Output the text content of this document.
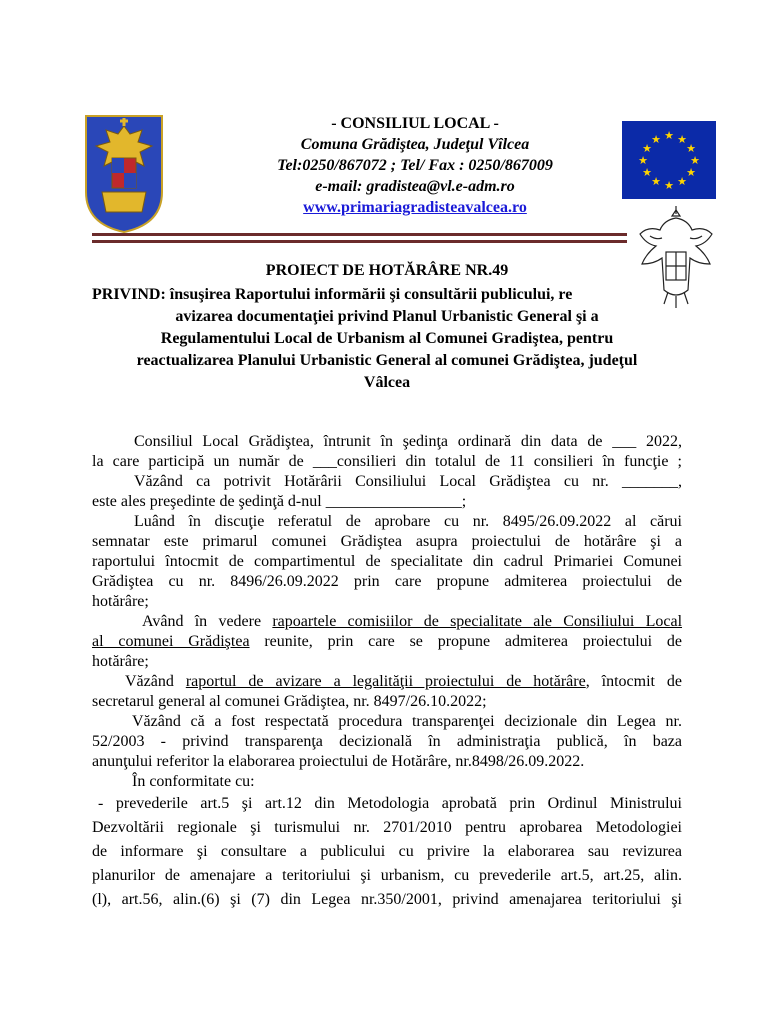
- CONSILIUL LOCAL -
Comuna Grădiştea, Judeţul Vîlcea
Tel:0250/867072 ; Tel/ Fax : 0250/867009
e-mail: gradistea@vl.e-adm.ro
www.primariagradisteavalcea.ro
★ ★
★
★
★
★
★
★
★
★
★
★
PROIECT DE HOTĂRÂRE NR.49
PRIVIND: însuşirea Raportului informării şi consultării publicului, re
avizarea documentaţiei privind Planul Urbanistic General şi a
Regulamentului Local de Urbanism al Comunei Gradiştea, pentru
reactualizarea Planului Urbanistic General al comunei Grădiştea, judeţul
Vâlcea
Consiliul Local Grădiştea, întrunit în şedinţa ordinară din data de ___ 2022,
la care participă un număr de ___consilieri din totalul de 11 consilieri în funcţie ;
Văzând ca potrivit Hotărârii Consiliului Local Grădiştea cu nr. _______,
este ales preşedinte de şedinţă d-nul _________________;
Luând în discuţie referatul de aprobare cu nr. 8495/26.09.2022 al cărui
semnatar este primarul comunei Grădiştea asupra proiectului de hotărâre şi a
raportului întocmit de compartimentul de specialitate din cadrul Primariei Comunei
Grădiştea cu nr. 8496/26.09.2022 prin care propune admiterea proiectului de
hotărâre;
Având în vedere rapoartele comisiilor de specialitate ale Consiliului Local
al comunei Grădiştea reunite, prin care se propune admiterea proiectului de
hotărâre;
Văzând raportul de avizare a legalităţii proiectului de hotărâre, întocmit de
secretarul general al comunei Grădiştea, nr. 8497/26.10.2022;
Văzând că a fost respectată procedura transparenţei decizionale din Legea nr.
52/2003 - privind transparenţa decizională în administraţia publică, în baza
anunţului referitor la elaborarea proiectului de Hotărâre, nr.8498/26.09.2022.
În conformitate cu:
- prevederile art.5 şi art.12 din Metodologia aprobată prin Ordinul Ministrului
Dezvoltării regionale şi turismului nr. 2701/2010 pentru aprobarea Metodologiei
de informare şi consultare a publicului cu privire la elaborarea sau revizurea
planurilor de amenajare a teritoriului şi urbanism, cu prevederile art.5, art.25, alin.
(l), art.56, alin.(6) şi (7) din Legea nr.350/2001, privind amenajarea teritoriului şi
